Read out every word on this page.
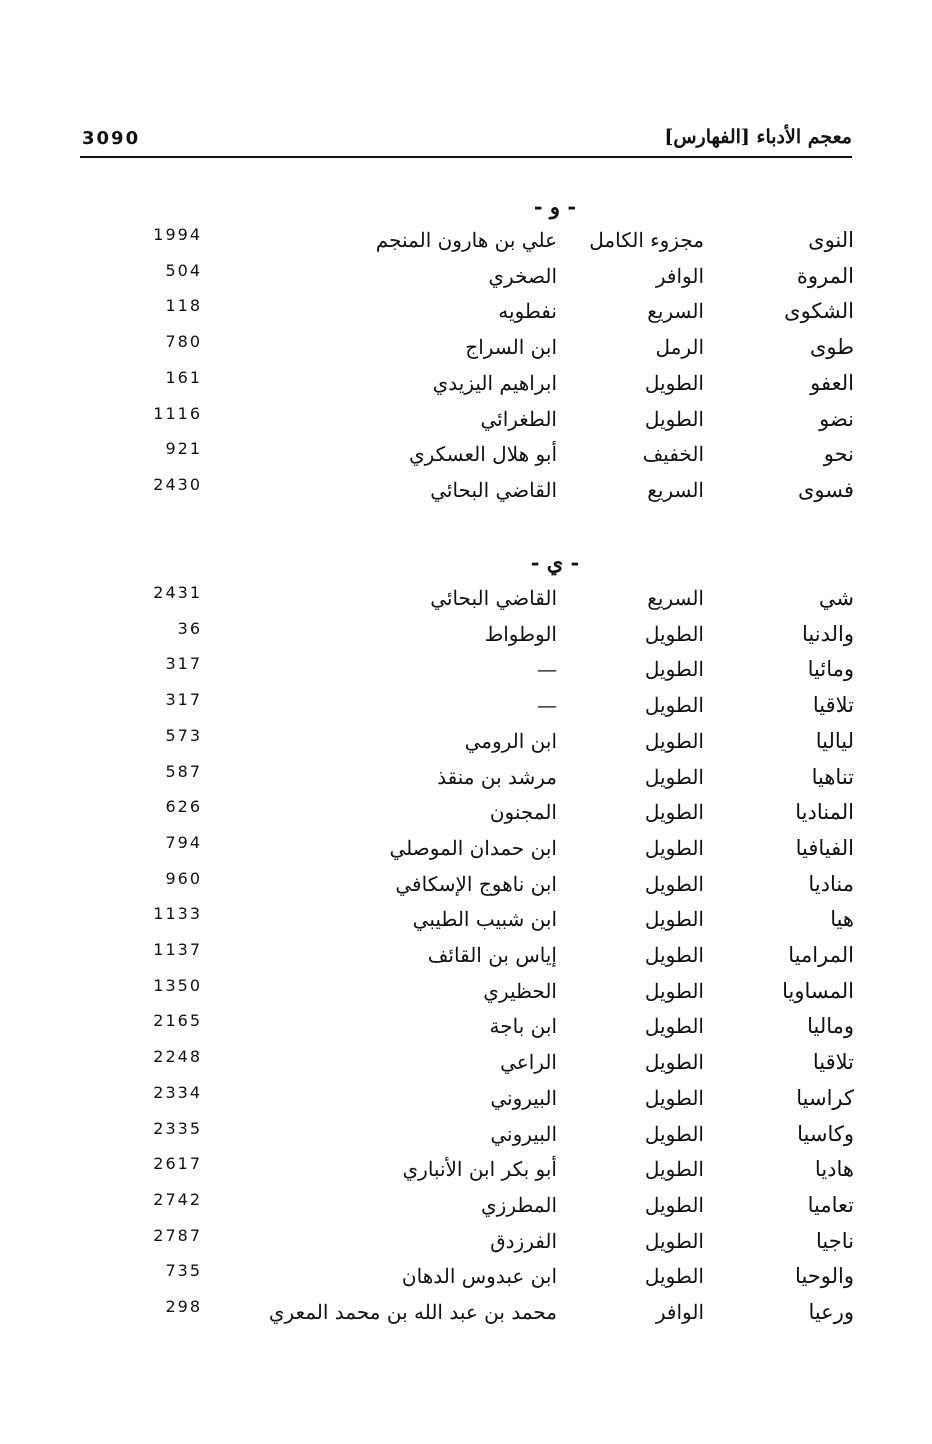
3090	معجم الأدباء [الفهارس]
- و -
النوى
مجزوء الكامل
علي بن هارون المنجم
1994
المروة
الوافر
الصخري
504
الشكوى
السريع
نفطويه
118
طوى
الرمل
ابن السراج
780
العفو
الطويل
ابراهيم اليزيدي
161
نضو
الطويل
الطغرائي
1116
نحو
الخفيف
أبو هلال العسكري
921
فسوى
السريع
القاضي البحائي
2430
- ي -
شي
السريع
القاضي البحائي
2431
والدنيا
الطويل
الوطواط
36
ومائيا
الطويل
—
317
تلاقيا
الطويل
—
317
لياليا
الطويل
ابن الرومي
573
تناهيا
الطويل
مرشد بن منقذ
587
المناديا
الطويل
المجنون
626
الفيافيا
الطويل
ابن حمدان الموصلي
794
مناديا
الطويل
ابن ناهوج الإسكافي
960
هيا
الطويل
ابن شبيب الطيبي
1133
المراميا
الطويل
إياس بن القائف
1137
المساويا
الطويل
الحظيري
1350
وماليا
الطويل
ابن باجة
2165
تلاقيا
الطويل
الراعي
2248
كراسيا
الطويل
البيروني
2334
وكاسيا
الطويل
البيروني
2335
هاديا
الطويل
أبو بكر ابن الأنباري
2617
تعاميا
الطويل
المطرزي
2742
ناجيا
الطويل
الفرزدق
2787
والوحيا
الطويل
ابن عبدوس الدهان
735
ورعيا
الوافر
محمد بن عبد الله بن محمد المعري
298
